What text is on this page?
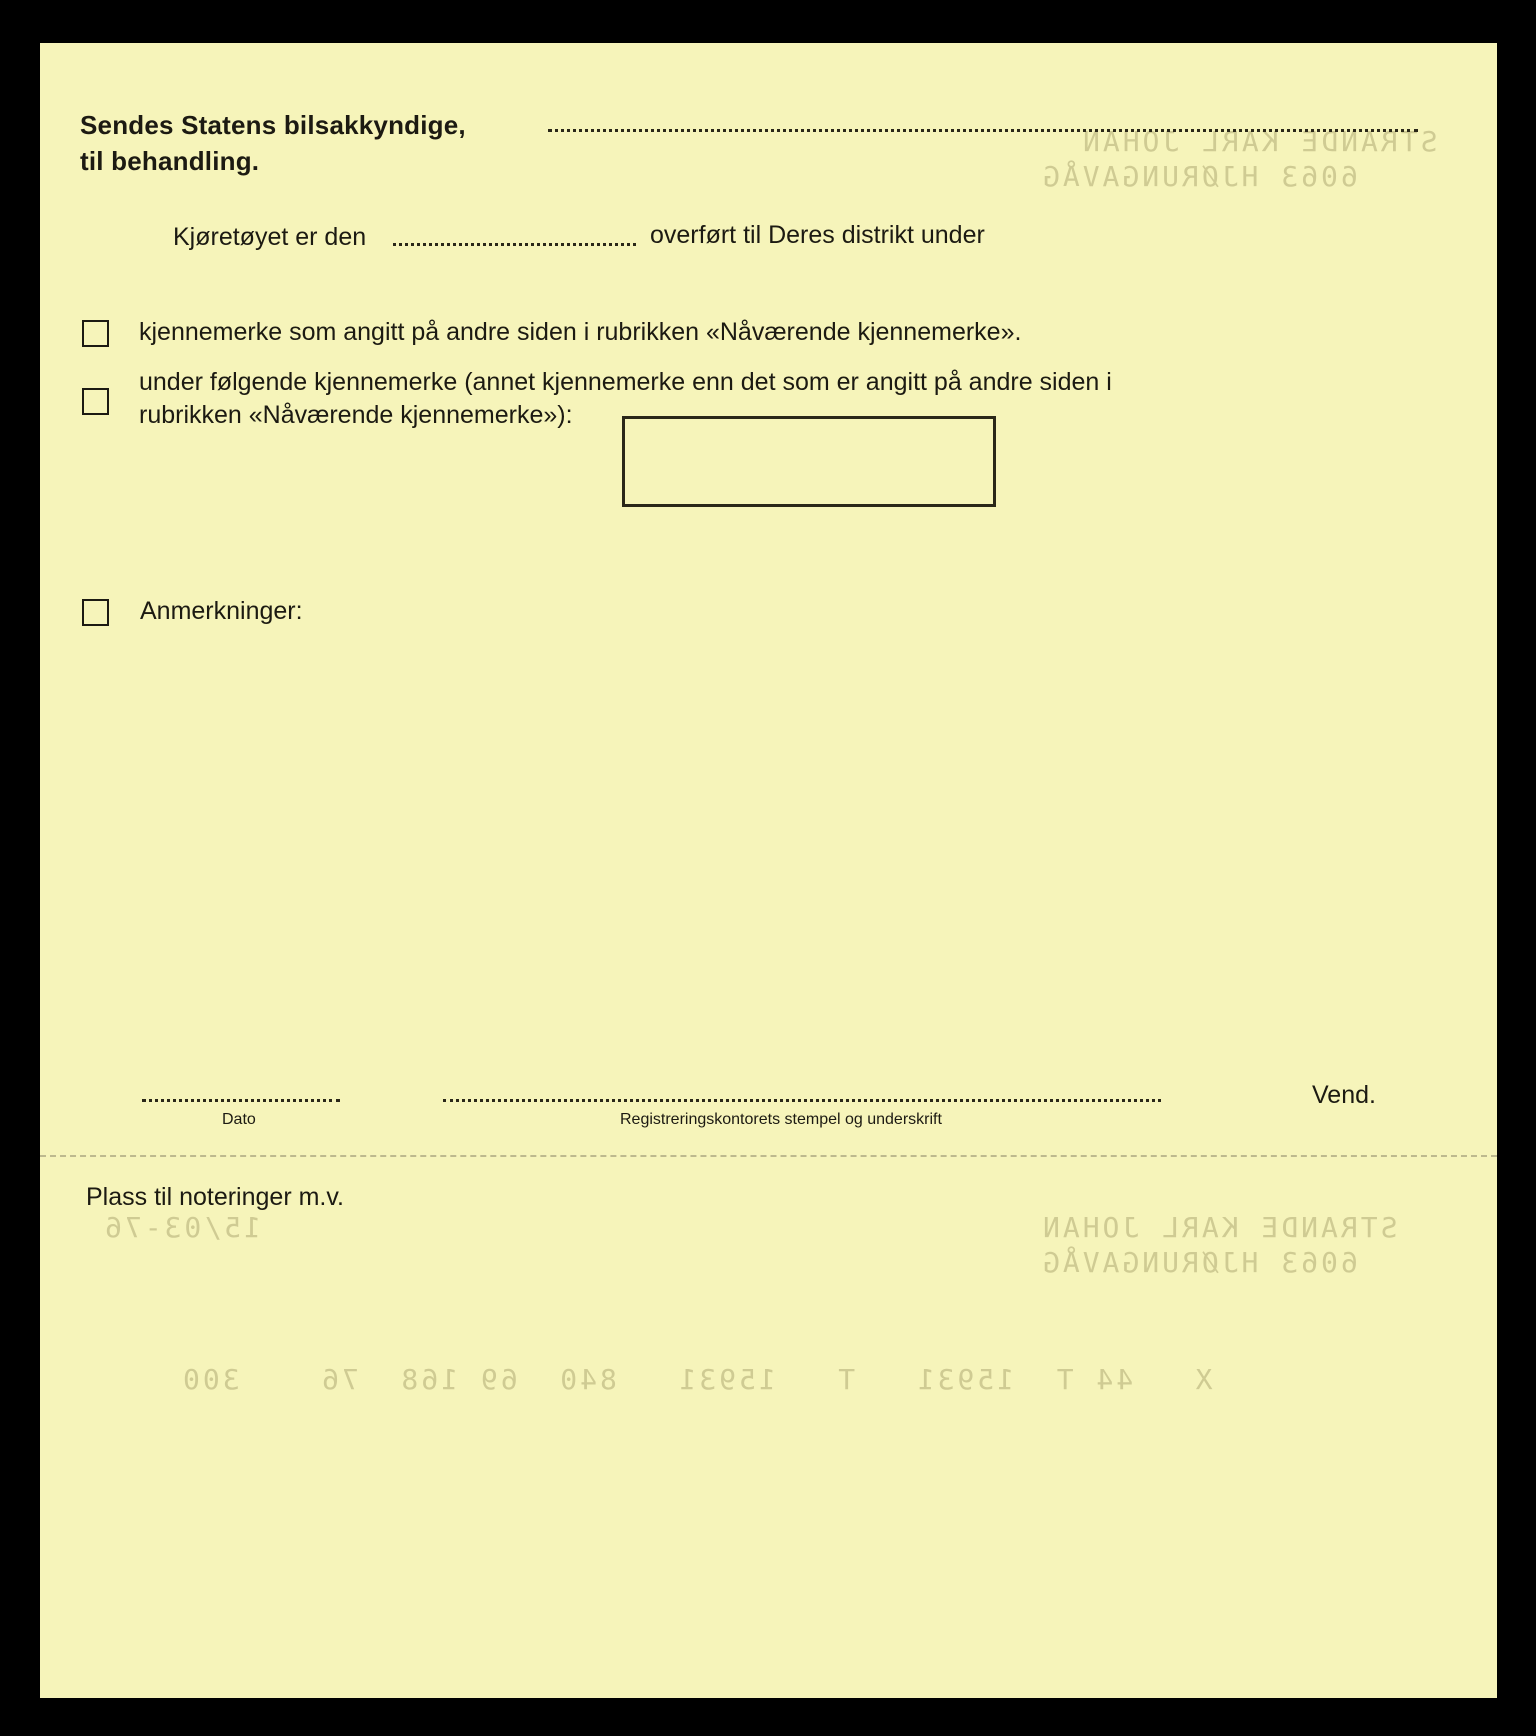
STRANDE KARL JOHAN
6063 HJØRUNGAVÅG
STRANDE KARL JOHAN
15/03-76
6063 HJØRUNGAVÅG
X   44 T  15931   T   15931   840  69 168  76    300
Sendes Statens bilsakkyndige,
til behandling.
Kjøretøyet er den	overført til Deres distrikt under
kjennemerke som angitt på andre siden i rubrikken «Nåværende kjennemerke».
under følgende kjennemerke (annet kjennemerke enn det som er angitt på andre siden i
rubrikken «Nåværende kjennemerke»):
Anmerkninger:
Dato	Registreringskontorets stempel og underskrift
Vend.
Plass til noteringer m.v.
